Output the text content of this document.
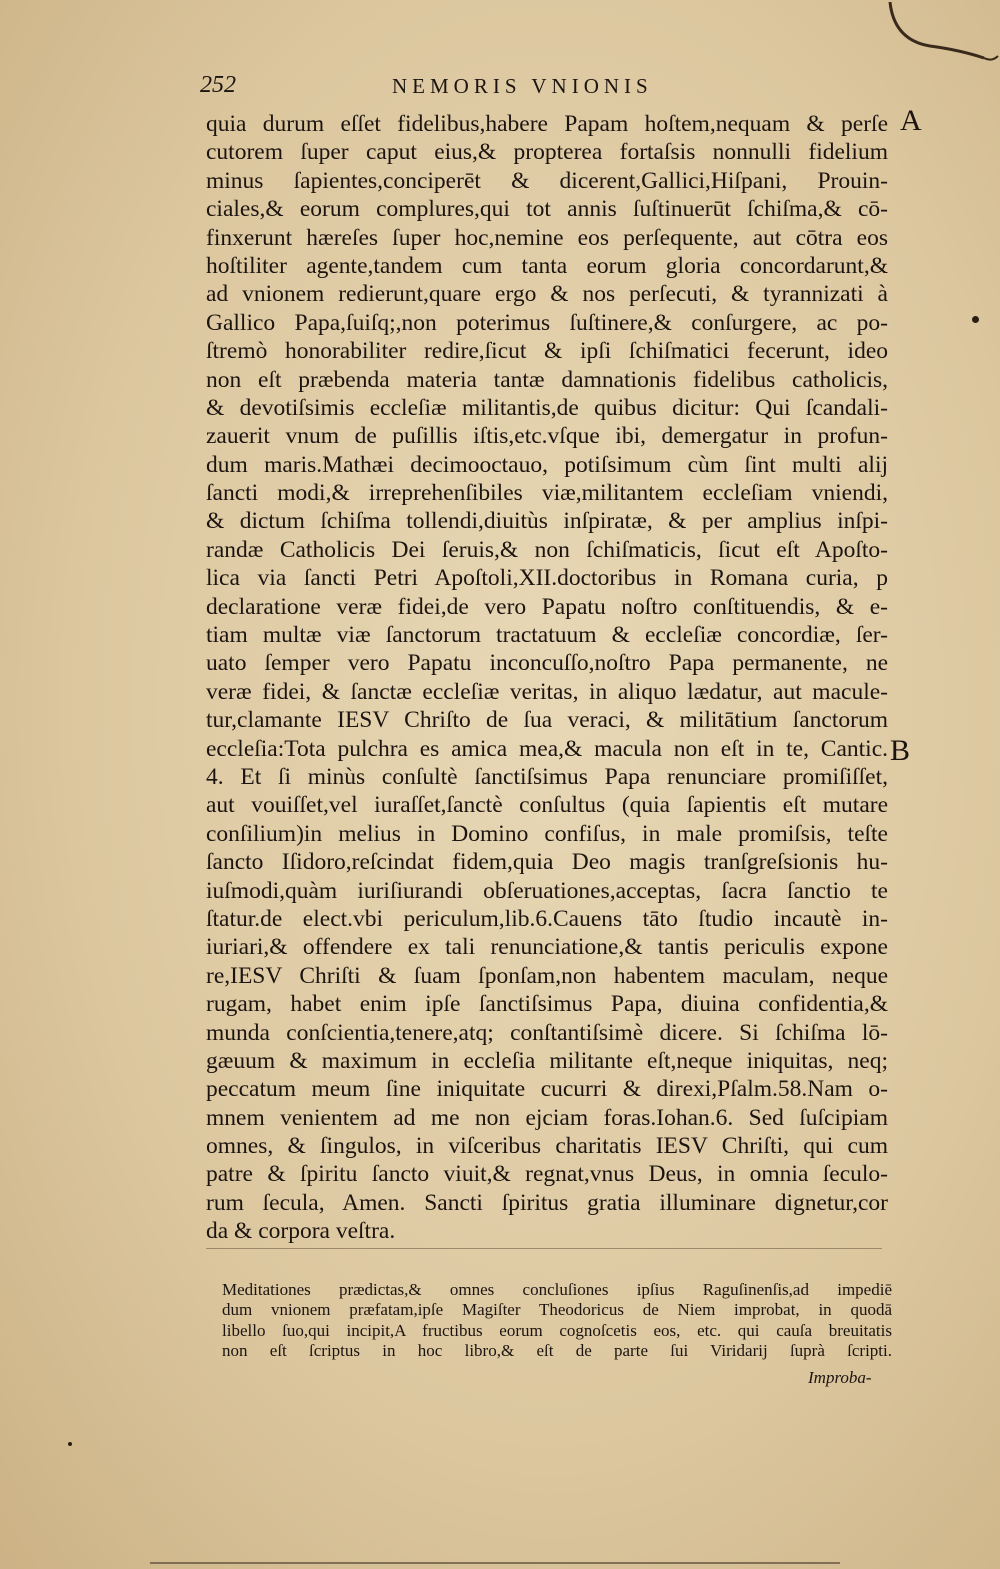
252	NEMORIS VNIONIS
A
B
quia durum eſſet fidelibus,habere Papam hoſtem,nequam & perſe
cutorem ſuper caput eius,& propterea fortaſsis nonnulli fidelium
minus ſapientes,conciperēt & dicerent,Gallici,Hiſpani, Prouin-
ciales,& eorum complures,qui tot annis ſuſtinuerūt ſchiſma,& cō-
finxerunt hæreſes ſuper hoc,nemine eos perſequente, aut cōtra eos
hoſtiliter agente,tandem cum tanta eorum gloria concordarunt,&
ad vnionem redierunt,quare ergo & nos perſecuti, & tyrannizati à
Gallico Papa,ſuiſq;,non poterimus ſuſtinere,& conſurgere, ac po-
ſtremò honorabiliter redire,ſicut & ipſi ſchiſmatici fecerunt, ideo
non eſt præbenda materia tantæ damnationis fidelibus catholicis,
& devotiſsimis eccleſiæ militantis,de quibus dicitur: Qui ſcandali-
zauerit vnum de puſillis iſtis,etc.vſque ibi, demergatur in profun-
dum maris.Mathæi decimooctauo, potiſsimum cùm ſint multi alij
ſancti modi,& irreprehenſibiles viæ,militantem eccleſiam vniendi,
& dictum ſchiſma tollendi,diuitùs inſpiratæ, & per amplius inſpi-
randæ Catholicis Dei ſeruis,& non ſchiſmaticis, ſicut eſt Apoſto-
lica via ſancti Petri Apoſtoli,XII.doctoribus in Romana curia, p
declaratione veræ fidei,de vero Papatu noſtro conſtituendis, & e-
tiam multæ viæ ſanctorum tractatuum & eccleſiæ concordiæ, ſer-
uato ſemper vero Papatu inconcuſſo,noſtro Papa permanente, ne
veræ fidei, & ſanctæ eccleſiæ veritas, in aliquo lædatur, aut macule-
tur,clamante IESV Chriſto de ſua veraci, & militātium ſanctorum
eccleſia:Tota pulchra es amica mea,& macula non eſt in te, Cantic.
4. Et ſi minùs conſultè ſanctiſsimus Papa renunciare promiſiſſet,
aut vouiſſet,vel iuraſſet,ſanctè conſultus (quia ſapientis eſt mutare
conſilium)in melius in Domino confiſus, in male promiſsis, teſte
ſancto Iſidoro,reſcindat fidem,quia Deo magis tranſgreſsionis hu-
iuſmodi,quàm iuriſiurandi obſeruationes,acceptas, ſacra ſanctio te
ſtatur.de elect.vbi periculum,lib.6.Cauens tāto ſtudio incautè in-
iuriari,& offendere ex tali renunciatione,& tantis periculis expone
re,IESV Chriſti & ſuam ſponſam,non habentem maculam, neque
rugam, habet enim ipſe ſanctiſsimus Papa, diuina confidentia,&
munda conſcientia,tenere,atq; conſtantiſsimè dicere. Si ſchiſma lō-
gæuum & maximum in eccleſia militante eſt,neque iniquitas, neq;
peccatum meum ſine iniquitate cucurri & direxi,Pſalm.58.Nam o-
mnem venientem ad me non ejciam foras.Iohan.6. Sed ſuſcipiam
omnes, & ſingulos, in viſceribus charitatis IESV Chriſti, qui cum
patre & ſpiritu ſancto viuit,& regnat,vnus Deus, in omnia ſeculo-
rum ſecula, Amen. Sancti ſpiritus gratia illuminare dignetur,cor
da & corpora veſtra.
Meditationes prædictas,& omnes concluſiones ipſius Raguſinenſis,ad impediē
dum vnionem præfatam,ipſe Magiſter Theodoricus de Niem improbat, in quodā
libello ſuo,qui incipit,A fructibus eorum cognoſcetis eos, etc. qui cauſa breuitatis
non eſt ſcriptus in hoc libro,& eſt de parte ſui Viridarij ſuprà ſcripti.
Improba-
